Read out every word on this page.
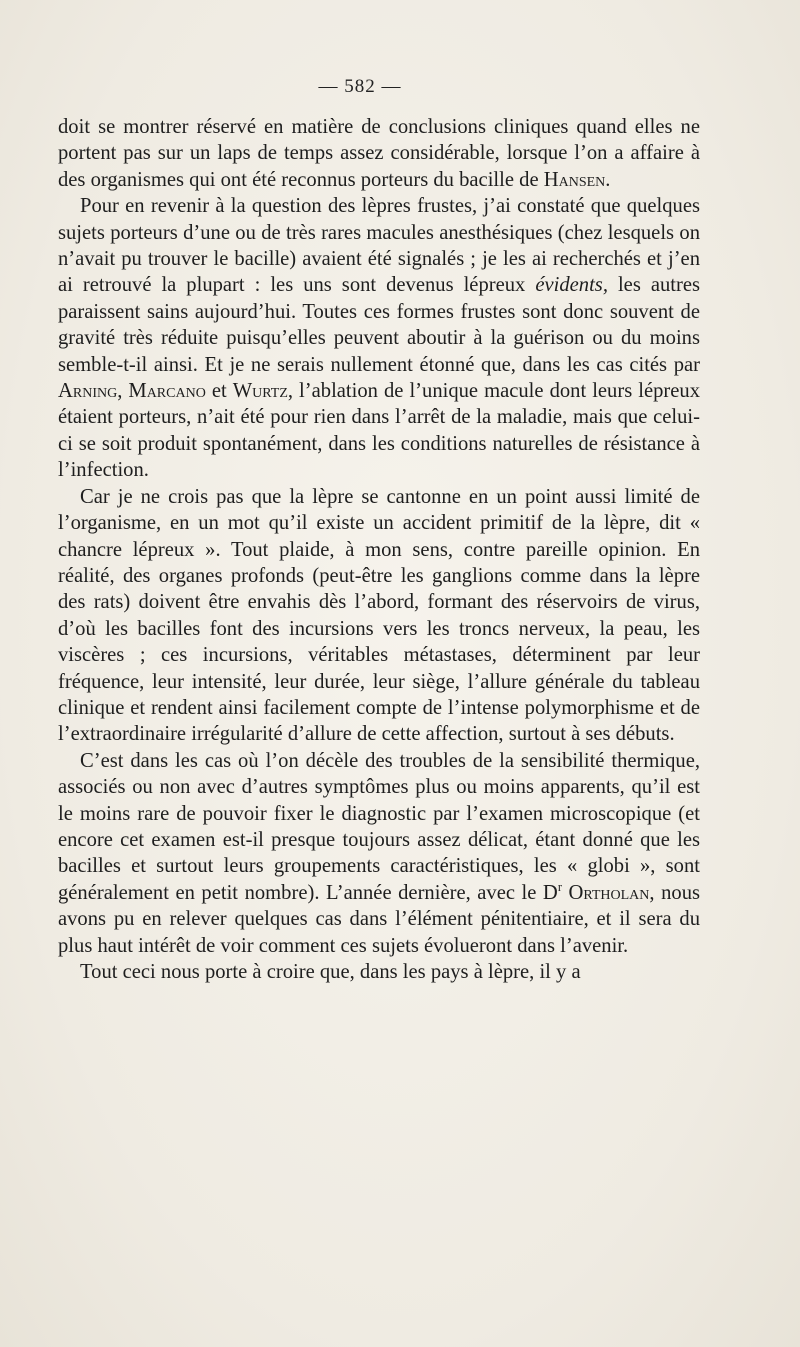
— 582 —

doit se montrer réservé en matière de conclusions cliniques quand elles ne portent pas sur un laps de temps assez considérable, lorsque l’on a affaire à des organismes qui ont été reconnus porteurs du bacille de Hansen.

Pour en revenir à la question des lèpres frustes, j’ai constaté que quelques sujets porteurs d’une ou de très rares macules anesthésiques (chez lesquels on n’avait pu trouver le bacille) avaient été signalés ; je les ai recherchés et j’en ai retrouvé la plupart : les uns sont devenus lépreux évidents, les autres paraissent sains aujourd’hui. Toutes ces formes frustes sont donc souvent de gravité très réduite puisqu’elles peuvent aboutir à la guérison ou du moins semble-t-il ainsi. Et je ne serais nullement étonné que, dans les cas cités par Arning, Marcano et Wurtz, l’ablation de l’unique macule dont leurs lépreux étaient porteurs, n’ait été pour rien dans l’arrêt de la maladie, mais que celui-ci se soit produit spontanément, dans les conditions naturelles de résistance à l’infection.

Car je ne crois pas que la lèpre se cantonne en un point aussi limité de l’organisme, en un mot qu’il existe un accident primitif de la lèpre, dit « chancre lépreux ». Tout plaide, à mon sens, contre pareille opinion. En réalité, des organes profonds (peut-être les ganglions comme dans la lèpre des rats) doivent être envahis dès l’abord, formant des réservoirs de virus, d’où les bacilles font des incursions vers les troncs nerveux, la peau, les viscères ; ces incursions, véritables métastases, déterminent par leur fréquence, leur intensité, leur durée, leur siège, l’allure générale du tableau clinique et rendent ainsi facilement compte de l’intense polymorphisme et de l’extraordinaire irrégularité d’allure de cette affection, surtout à ses débuts.

C’est dans les cas où l’on décèle des troubles de la sensibilité thermique, associés ou non avec d’autres symptômes plus ou moins apparents, qu’il est le moins rare de pouvoir fixer le diagnostic par l’examen microscopique (et encore cet examen est-il presque toujours assez délicat, étant donné que les bacilles et surtout leurs groupements caractéristiques, les « globi », sont généralement en petit nombre). L’année dernière, avec le $D^r$ Ortholan, nous avons pu en relever quelques cas dans l’élément pénitentiaire, et il sera du plus haut intérêt de voir comment ces sujets évolueront dans l’avenir.

Tout ceci nous porte à croire que, dans les pays à lèpre, il y a
